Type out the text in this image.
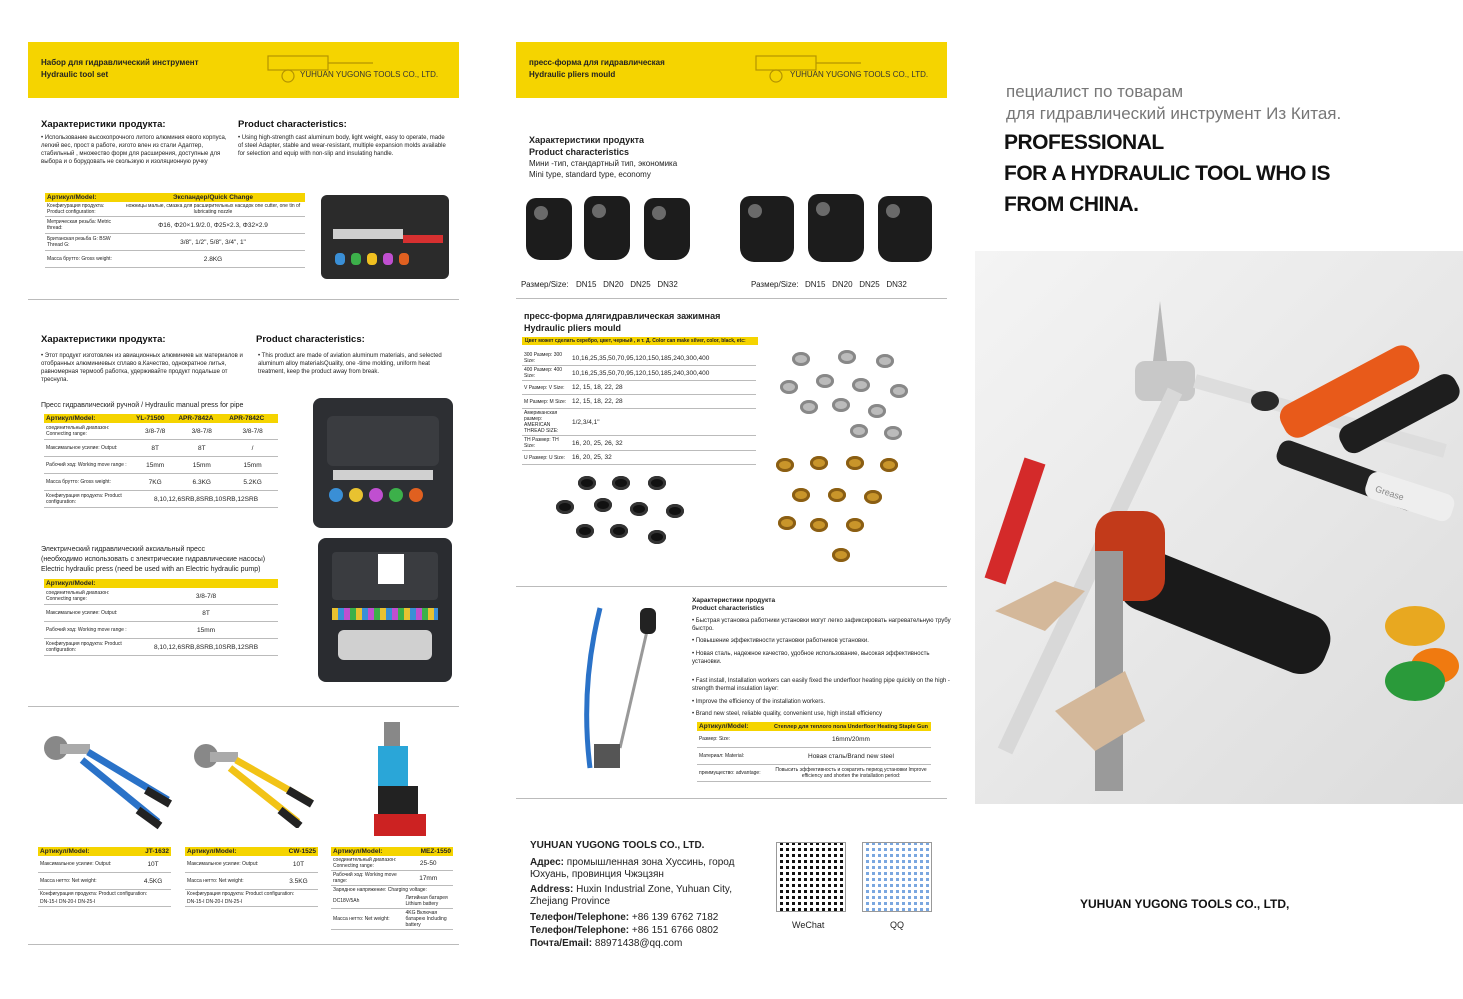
Набор для гидравлический инструмент
Hydraulic tool set	YUHUAN YUGONG TOOLS CO., LTD.
Характеристики продукта:	Product characteristics:
• Использование высокопрочного литого алюминия евого корпуса, легкий вес, прост в работе, изгото влен из стали Адаптер, стабильный , множество форм для расширения, доступные для выбора и о борудовать не скользкую и изоляционную ручку
• Using high-strength cast aluminum body, light weight, easy to operate, made of steel Adapter, stable and wear-resistant, multiple expansion molds available for selection and equip with non-slip and insulating handle.
Артикул/Model:	Экспандер/Quick Change
Конфигурация продукта: Product configuration:	ножницы малые, смазка для расширительных насадок one cutter, one tin of lubricating nozzle
Метрическая резьба: Metric thread:	Φ16, Φ20×1.9/2.0, Φ25×2.3, Φ32×2.9
Британская резьба G: BSW Thread G:	3/8", 1/2", 5/8", 3/4", 1"
Масса брутто: Gross weight:	2.8KG
Характеристики продукта:	Product characteristics:
• Этот продукт изготовлен из авиационных алюминиев ых материалов и отобранных алюминиевых сплаво в.Качество, однократное литья, равномерная термооб работка, удерживайте продукт подальше от треснула.
• This product are made of aviation aluminum materials, and selected aluminum alloy materialsQuality, one -time molding, uniform heat treatment, keep the product away from break.
Пресс гидравлический ручной / Hydraulic manual press for pipe
Артикул/Model:	YL-71500	APR-7842A	APR-7842C
соединительный диапазон: Connecting range:	3/8-7/8	3/8-7/8	3/8-7/8
Максимальное усилие: Output:	8T	8T	/
Рабочий ход: Working move range :	15mm	15mm	15mm
Масса брутто: Gross weight:	7KG	6.3KG	5.2KG
Конфигурация продукта: Product configuration:	8,10,12,6SRB,8SRB,10SRB,12SRB		
Электрический гидравлический аксиальный пресс
(необходимо использовать с электрические гидравлические насосы)
Electric hydraulic press (need be used with an Electric hydraulic pump)
Артикул/Model:	
соединительный диапазон: Connecting range:	3/8-7/8
Максимальное усилие: Output:	8T
Рабочий ход: Working move range :	15mm
Конфигурация продукта: Product configuration:	8,10,12,6SRB,8SRB,10SRB,12SRB
Артикул/Model:	JT-1632
Максимальное усилие: Output:	10T
Масса нетто: Net weight:	4.5KG
Конфигурация продукта: Product configuration:	
DN-15-I DN-20-I DN-25-I	
Артикул/Model:	CW-1525
Максимальное усилие: Output:	10T
Масса нетто: Net weight:	3.5KG
Конфигурация продукта: Product configuration:	
DN-15-I DN-20-I DN-25-I	
Артикул/Model:	MEZ-1550
соединительный диапазон: Connecting range:	25-50
Рабочий ход: Working move range:	17mm
Зарядное напряжение: Charging voltage:	
DC18V/5Ah	Литийная батарея Lithium battery
Масса нетто: Net weight:	4KG Включая батарею Including battery
пресс-форма для гидравлическая
Hydraulic pliers mould	YUHUAN YUGONG TOOLS CO., LTD.
Характеристики продукта
Product characteristics
Мини -тип, стандартный тип, экономика
Mini type, standard type, economy
Размер/Size: DN15   DN20   DN25   DN32	Размер/Size: DN15   DN20   DN25   DN32
пресс-форма длягидравлическая зажимная
Hydraulic pliers mould
Цвет может сделать серебро, цвет, черный , и т. Д. Color can make silver, color, black, etc:
300 Размер: 300 Size:	10,16,25,35,50,70,95,120,150,185,240,300,400
400 Размер: 400 Size:	10,16,25,35,50,70,95,120,150,185,240,300,400
V Размер: V Size:	12, 15, 18, 22, 28
M Размер: M Size:	12, 15, 18, 22, 28
Американская размер: AMERICAN THREAD SIZE:	1/2,3/4,1"
TH Размер: TH Size:	16, 20, 25, 26, 32
U Размер: U Size:	16, 20, 25, 32
Характеристики продукта
Product characteristics
• Быстрая установка работники установки могут легко зафиксировать нагревательную трубу быстро.
• Повышение эффективности установки работников установки.
• Новая сталь, надежное качество, удобное использование, высокая эффективность установки.
• Fast install, Installation workers can easily fixed the underfloor heating pipe quickly on the high -strength thermal insulation layer:
• Improve the efficiency of the installation workers.
• Brand new steel, reliable quality, convenient use, high install efficiency
Артикул/Model:	Степлер для теплого пола Underfloor Heating Staple Gun
Размер: Size:	16mm/20mm
Материал: Material:	Новая сталь/Brand new steel
преимущество: advantage:	Повысить эффективность и сократить период установки Improve efficiency and shorten the installation period:
YUHUAN YUGONG TOOLS CO., LTD.
Адрес: промышленная зона Хуссинь, город Юхуань, провинция Чжэцзян
Address: Huxin Industrial Zone, Yuhuan City, Zhejiang Province
Телефон/Telephone: +86 139 6762 7182
Телефон/Telephone: +86 151 6766 0802
Почта/Email: 88971438@qq.com
WeChat	QQ
пециалист по товарам
для гидравлический инструмент Из Китая.
PROFESSIONAL
FOR A HYDRAULIC TOOL WHO IS
FROM CHINA.
Grease
YUHUAN YUGONG TOOLS CO., LTD,
